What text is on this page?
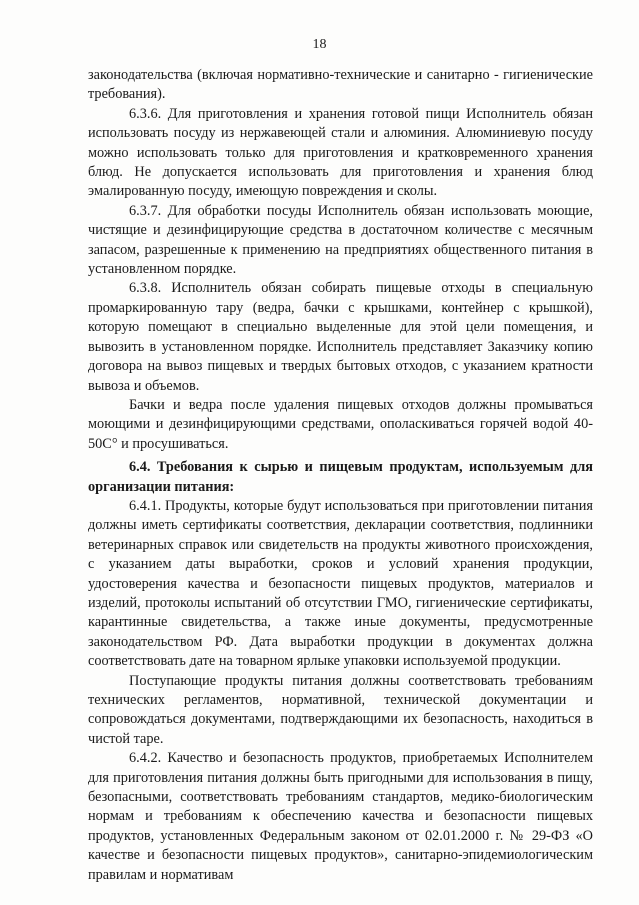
18

законодательства (включая нормативно-технические и санитарно - гигиенические требования).

6.3.6. Для приготовления и хранения готовой пищи Исполнитель обязан использовать посуду из нержавеющей стали и алюминия. Алюминиевую посуду можно использовать только для приготовления и кратковременного хранения блюд. Не допускается использовать для приготовления и хранения блюд эмалированную посуду, имеющую повреждения и сколы.

6.3.7. Для обработки посуды Исполнитель обязан использовать моющие, чистящие и дезинфицирующие средства в достаточном количестве с месячным запасом, разрешенные к применению на предприятиях общественного питания в установленном порядке.

6.3.8. Исполнитель обязан собирать пищевые отходы в специальную промаркированную тару (ведра, бачки с крышками, контейнер с крышкой), которую помещают в специально выделенные для этой цели помещения, и вывозить в установленном порядке. Исполнитель представляет Заказчику копию договора на вывоз пищевых и твердых бытовых отходов, с указанием кратности вывоза и объемов.

Бачки и ведра после удаления пищевых отходов должны промываться моющими и дезинфицирующими средствами, ополаскиваться горячей водой 40-50С° и просушиваться.

6.4. Требования к сырью и пищевым продуктам, используемым для организации питания:

6.4.1. Продукты, которые будут использоваться при приготовлении питания должны иметь сертификаты соответствия, декларации соответствия, подлинники ветеринарных справок или свидетельств на продукты животного происхождения, с указанием даты выработки, сроков и условий хранения продукции, удостоверения качества и безопасности пищевых продуктов, материалов и изделий, протоколы испытаний об отсутствии ГМО, гигиенические сертификаты, карантинные свидетельства, а также иные документы, предусмотренные законодательством РФ. Дата выработки продукции в документах должна соответствовать дате на товарном ярлыке упаковки используемой продукции.

Поступающие продукты питания должны соответствовать требованиям технических регламентов, нормативной, технической документации и сопровождаться документами, подтверждающими их безопасность, находиться в чистой таре.

6.4.2. Качество и безопасность продуктов, приобретаемых Исполнителем для приготовления питания должны быть пригодными для использования в пищу, безопасными, соответствовать требованиям стандартов, медико-биологическим нормам и требованиям к обеспечению качества и безопасности пищевых продуктов, установленных Федеральным законом от 02.01.2000 г. № 29-ФЗ «О качестве и безопасности пищевых продуктов», санитарно-эпидемиологическим правилам и нормативам
